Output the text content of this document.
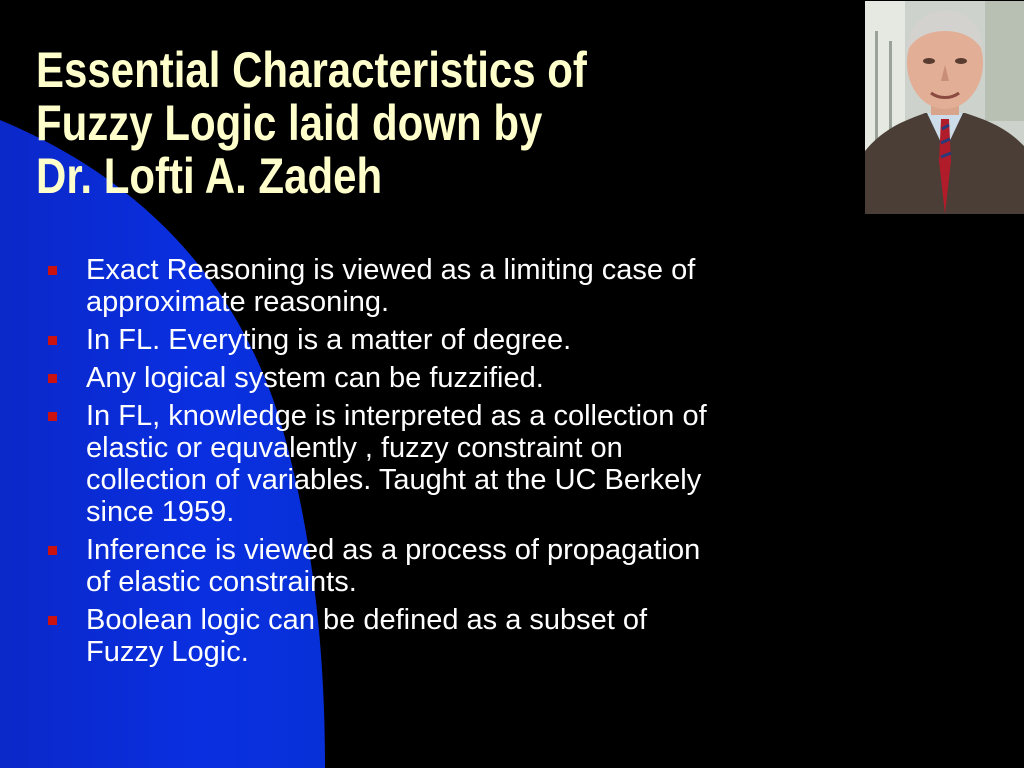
Essential Characteristics of
Fuzzy Logic laid down by
Dr. Lofti A. Zadeh
Exact Reasoning is viewed as a limiting case of
approximate reasoning.
In FL. Everyting is a matter of degree.
Any logical system can be fuzzified.
In FL, knowledge is interpreted as a collection of
elastic or equvalently , fuzzy constraint on
collection of variables. Taught at the UC Berkely
since 1959.
Inference is viewed as a process of propagation
of elastic constraints.
Boolean logic can be defined as a subset of
Fuzzy Logic.
